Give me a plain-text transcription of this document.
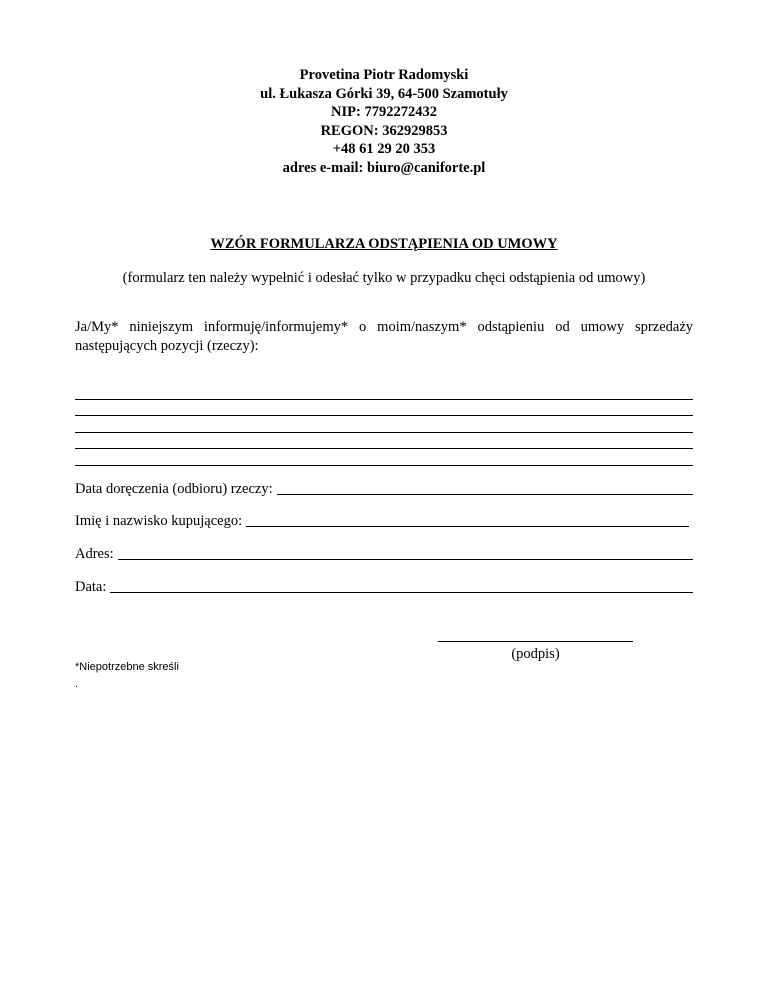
Provetina Piotr Radomyski
ul. Łukasza Górki 39, 64-500 Szamotuły
NIP: 7792272432
REGON: 362929853
+48 61 29 20 353
adres e-mail: biuro@caniforte.pl
WZÓR FORMULARZA ODSTĄPIENIA OD UMOWY
(formularz ten należy wypełnić i odesłać tylko w przypadku chęci odstąpienia od umowy)
Ja/My* niniejszym informuję/informujemy* o moim/naszym* odstąpieniu od umowy sprzedaży następujących pozycji (rzeczy):
Data doręczenia (odbioru) rzeczy:
Imię i nazwisko kupującego:
Adres:
Data:
(podpis)
*Niepotrzebne skreśli
.
